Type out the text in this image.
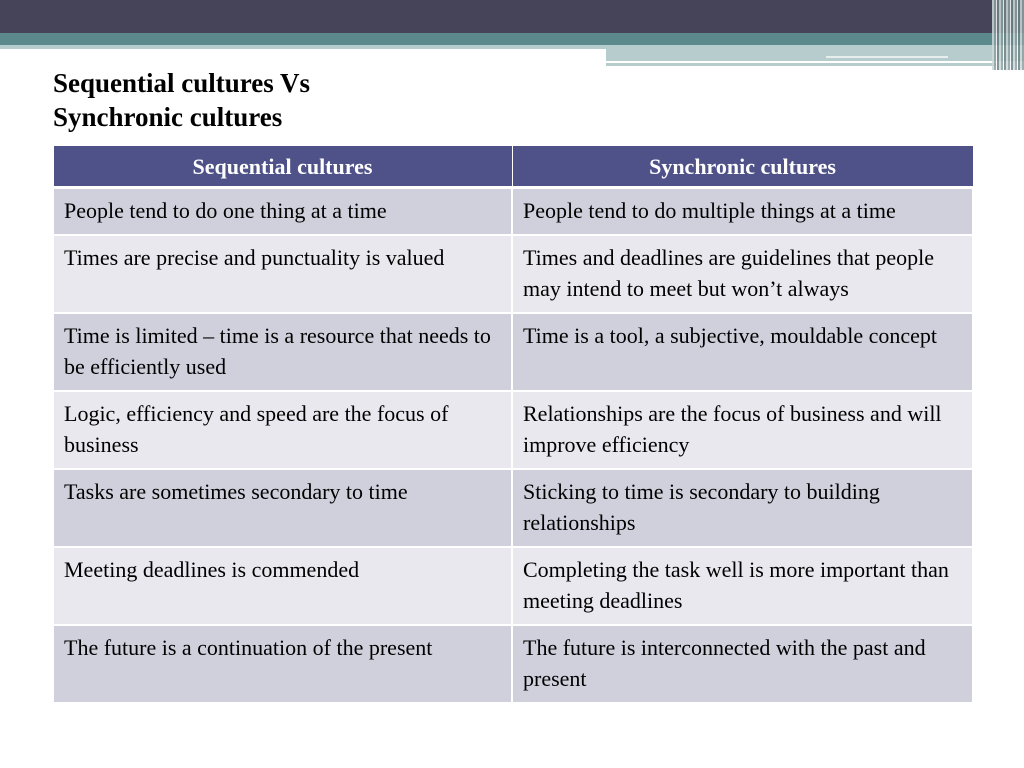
Sequential cultures Vs
Synchronic cultures
Sequential cultures	Synchronic cultures
People tend to do one thing at a time	People tend to do multiple things at a time
Times are precise and punctuality is valued	Times and deadlines are guidelines that people may intend to meet but won’t always
Time is limited – time is a resource that needs to be efficiently used	Time is a tool, a subjective, mouldable concept
Logic, efficiency and speed are the focus of business	Relationships are the focus of business and will improve efficiency
Tasks are sometimes secondary to time	Sticking to time is secondary to building relationships
Meeting deadlines is commended	Completing the task well is more important than meeting deadlines
The future is a continuation of the present	The future is interconnected with the past and present
